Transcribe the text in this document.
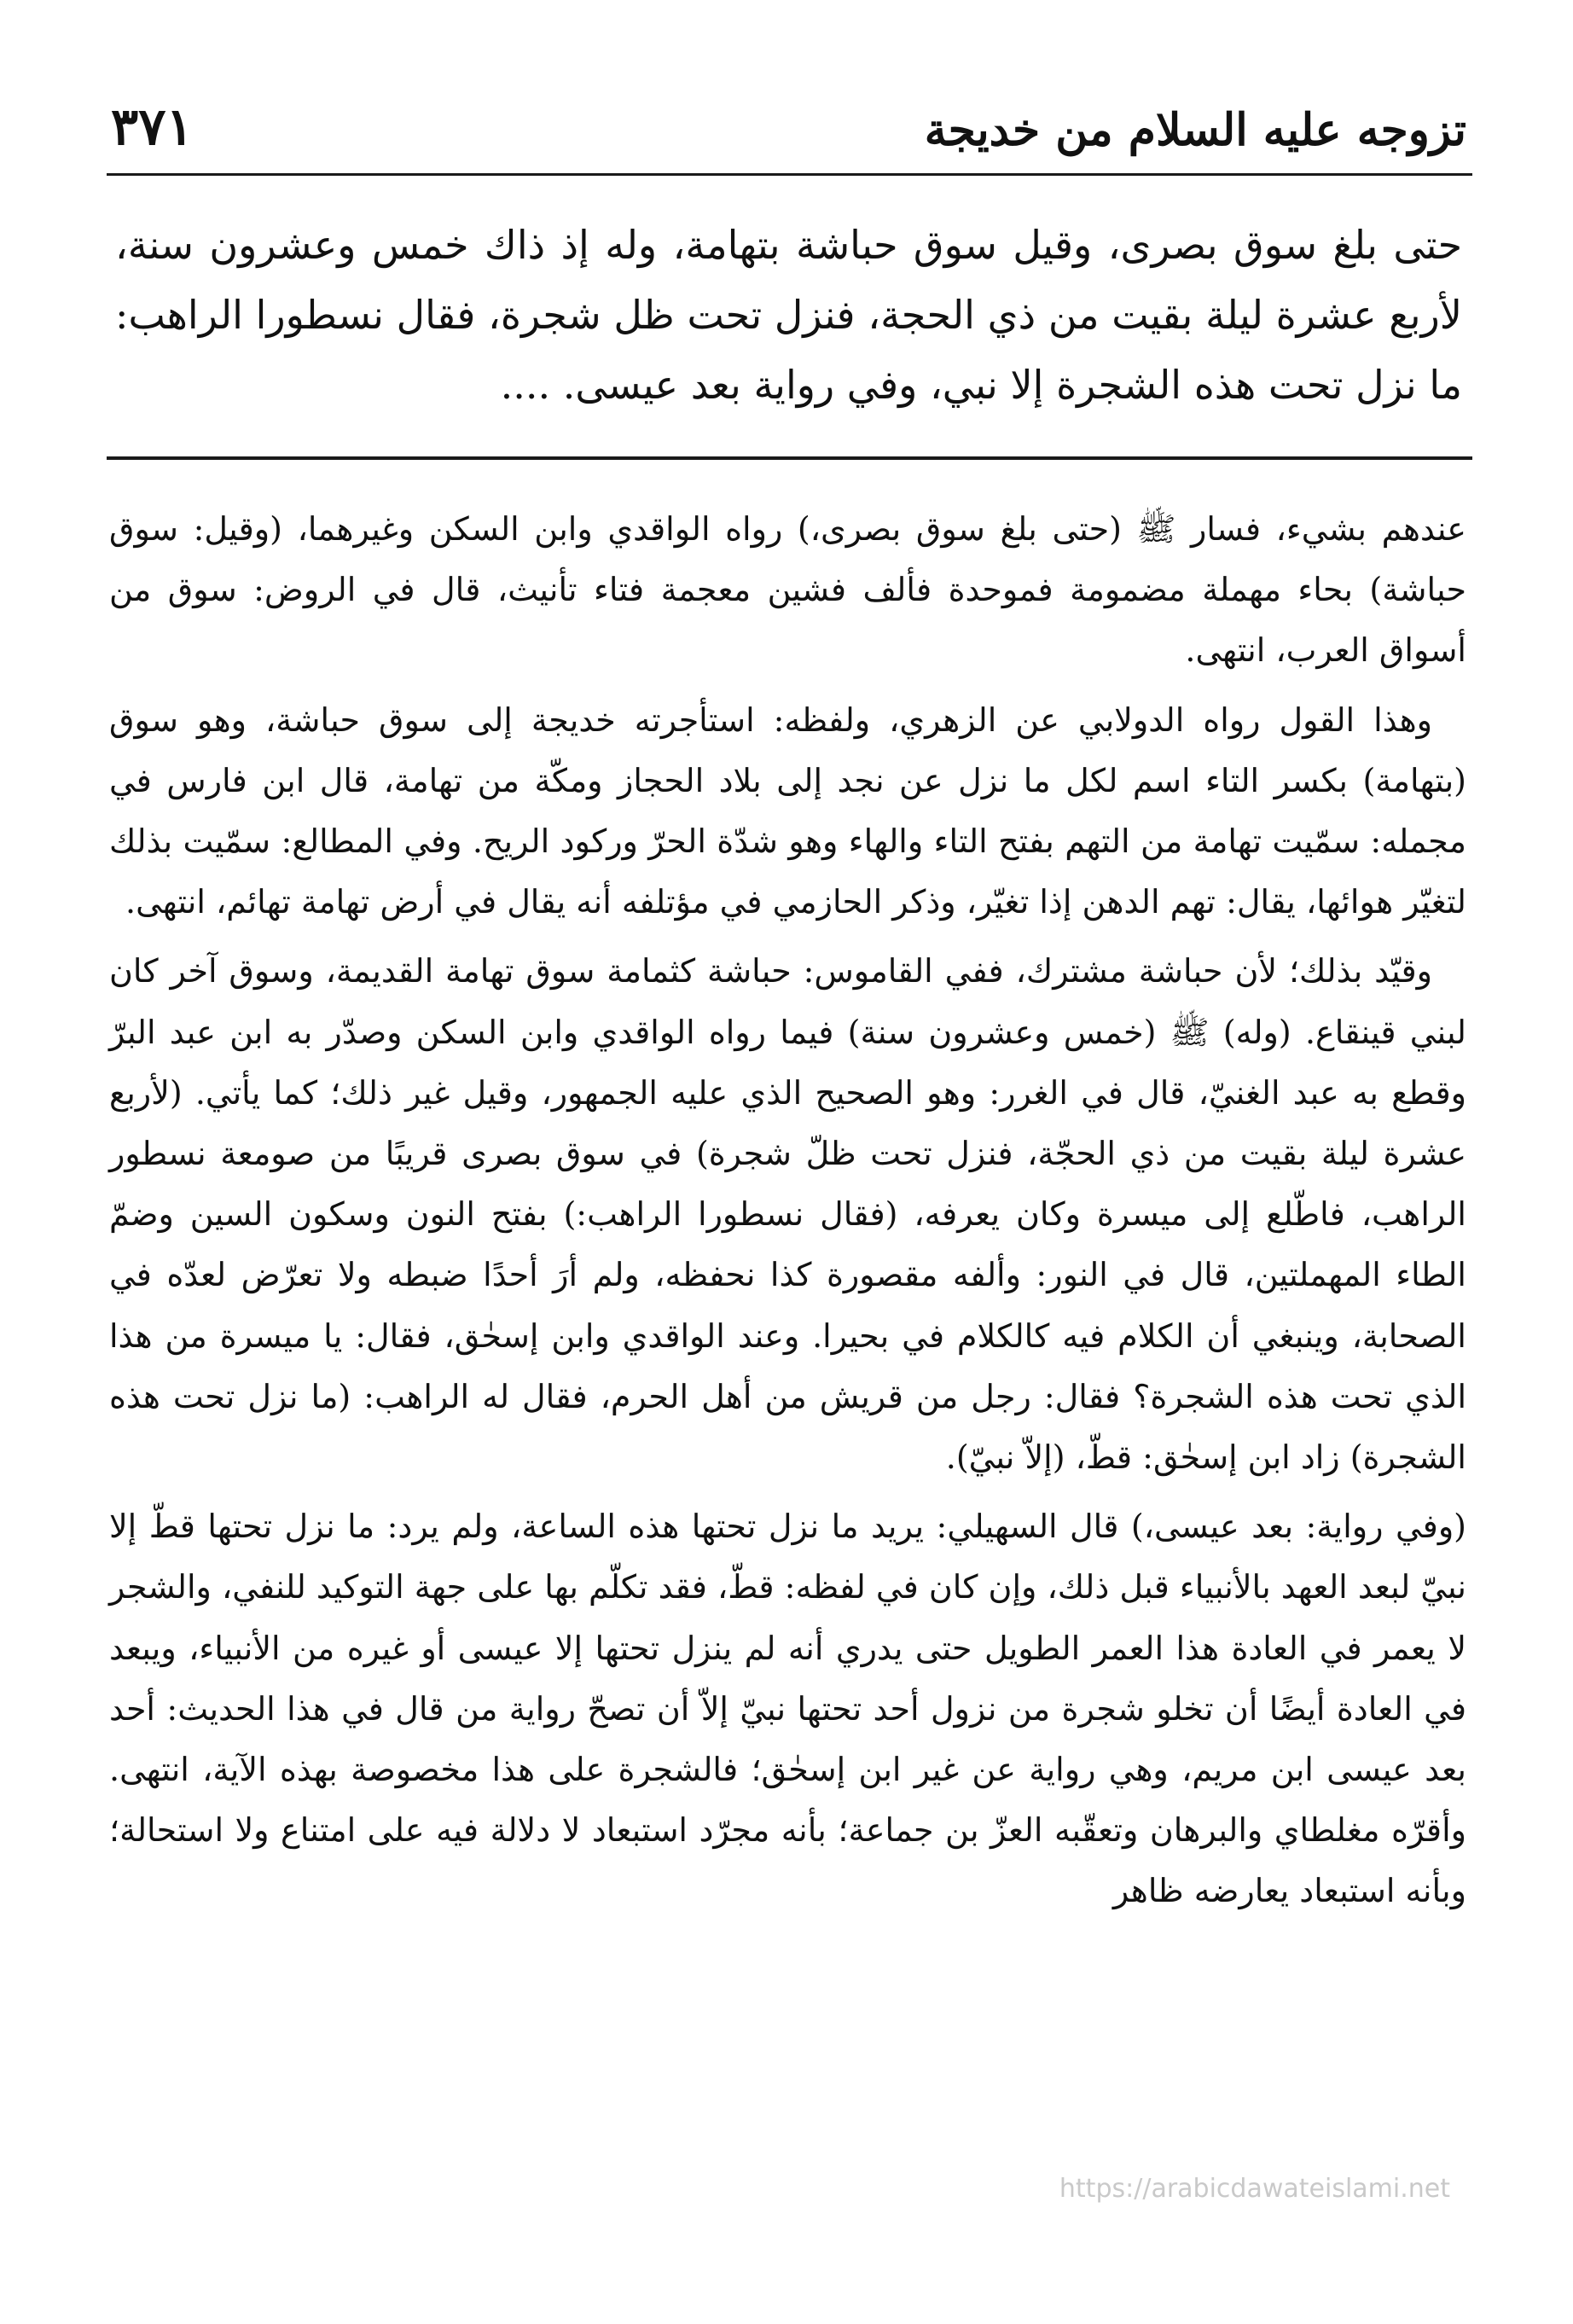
تزوجه عليه السلام من خديجة
٣٧١

حتى بلغ سوق بصرى، وقيل سوق حباشة بتهامة، وله إذ ذاك خمس وعشرون سنة، لأربع عشرة ليلة بقيت من ذي الحجة، فنزل تحت ظل شجرة، فقال نسطورا الراهب: ما نزل تحت هذه الشجرة إلا نبي، وفي رواية بعد عيسى. ....

عندهم بشيء، فسار ﷺ (حتى بلغ سوق بصرى،) رواه الواقدي وابن السكن وغيرهما، (وقيل: سوق حباشة) بحاء مهملة مضمومة فموحدة فألف فشين معجمة فتاء تأنيث، قال في الروض: سوق من أسواق العرب، انتهى.

وهذا القول رواه الدولابي عن الزهري، ولفظه: استأجرته خديجة إلى سوق حباشة، وهو سوق (بتهامة) بكسر التاء اسم لكل ما نزل عن نجد إلى بلاد الحجاز ومكّة من تهامة، قال ابن فارس في مجمله: سمّيت تهامة من التهم بفتح التاء والهاء وهو شدّة الحرّ وركود الريح. وفي المطالع: سمّيت بذلك لتغيّر هوائها، يقال: تهم الدهن إذا تغيّر، وذكر الحازمي في مؤتلفه أنه يقال في أرض تهامة تهائم، انتهى.

وقيّد بذلك؛ لأن حباشة مشترك، ففي القاموس: حباشة كثمامة سوق تهامة القديمة، وسوق آخر كان لبني قينقاع. (وله) ﷺ (خمس وعشرون سنة) فيما رواه الواقدي وابن السكن وصدّر به ابن عبد البرّ وقطع به عبد الغنيّ، قال في الغرر: وهو الصحيح الذي عليه الجمهور، وقيل غير ذلك؛ كما يأتي. (لأربع عشرة ليلة بقيت من ذي الحجّة، فنزل تحت ظلّ شجرة) في سوق بصرى قريبًا من صومعة نسطور الراهب، فاطّلع إلى ميسرة وكان يعرفه، (فقال نسطورا الراهب:) بفتح النون وسكون السين وضمّ الطاء المهملتين، قال في النور: وألفه مقصورة كذا نحفظه، ولم أرَ أحدًا ضبطه ولا تعرّض لعدّه في الصحابة، وينبغي أن الكلام فيه كالكلام في بحيرا. وعند الواقدي وابن إسحٰق، فقال: يا ميسرة من هذا الذي تحت هذه الشجرة؟ فقال: رجل من قريش من أهل الحرم، فقال له الراهب: (ما نزل تحت هذه الشجرة) زاد ابن إسحٰق: قطّ، (إلاّ نبيّ).

(وفي رواية: بعد عيسى،) قال السهيلي: يريد ما نزل تحتها هذه الساعة، ولم يرد: ما نزل تحتها قطّ إلا نبيّ لبعد العهد بالأنبياء قبل ذلك، وإن كان في لفظه: قطّ، فقد تكلّم بها على جهة التوكيد للنفي، والشجر لا يعمر في العادة هذا العمر الطويل حتى يدري أنه لم ينزل تحتها إلا عيسى أو غيره من الأنبياء، ويبعد في العادة أيضًا أن تخلو شجرة من نزول أحد تحتها نبيّ إلاّ أن تصحّ رواية من قال في هذا الحديث: أحد بعد عيسى ابن مريم، وهي رواية عن غير ابن إسحٰق؛ فالشجرة على هذا مخصوصة بهذه الآية، انتهى. وأقرّه مغلطاي والبرهان وتعقّبه العزّ بن جماعة؛ بأنه مجرّد استبعاد لا دلالة فيه على امتناع ولا استحالة؛ وبأنه استبعاد يعارضه ظاهر

https://arabicdawateislami.net
